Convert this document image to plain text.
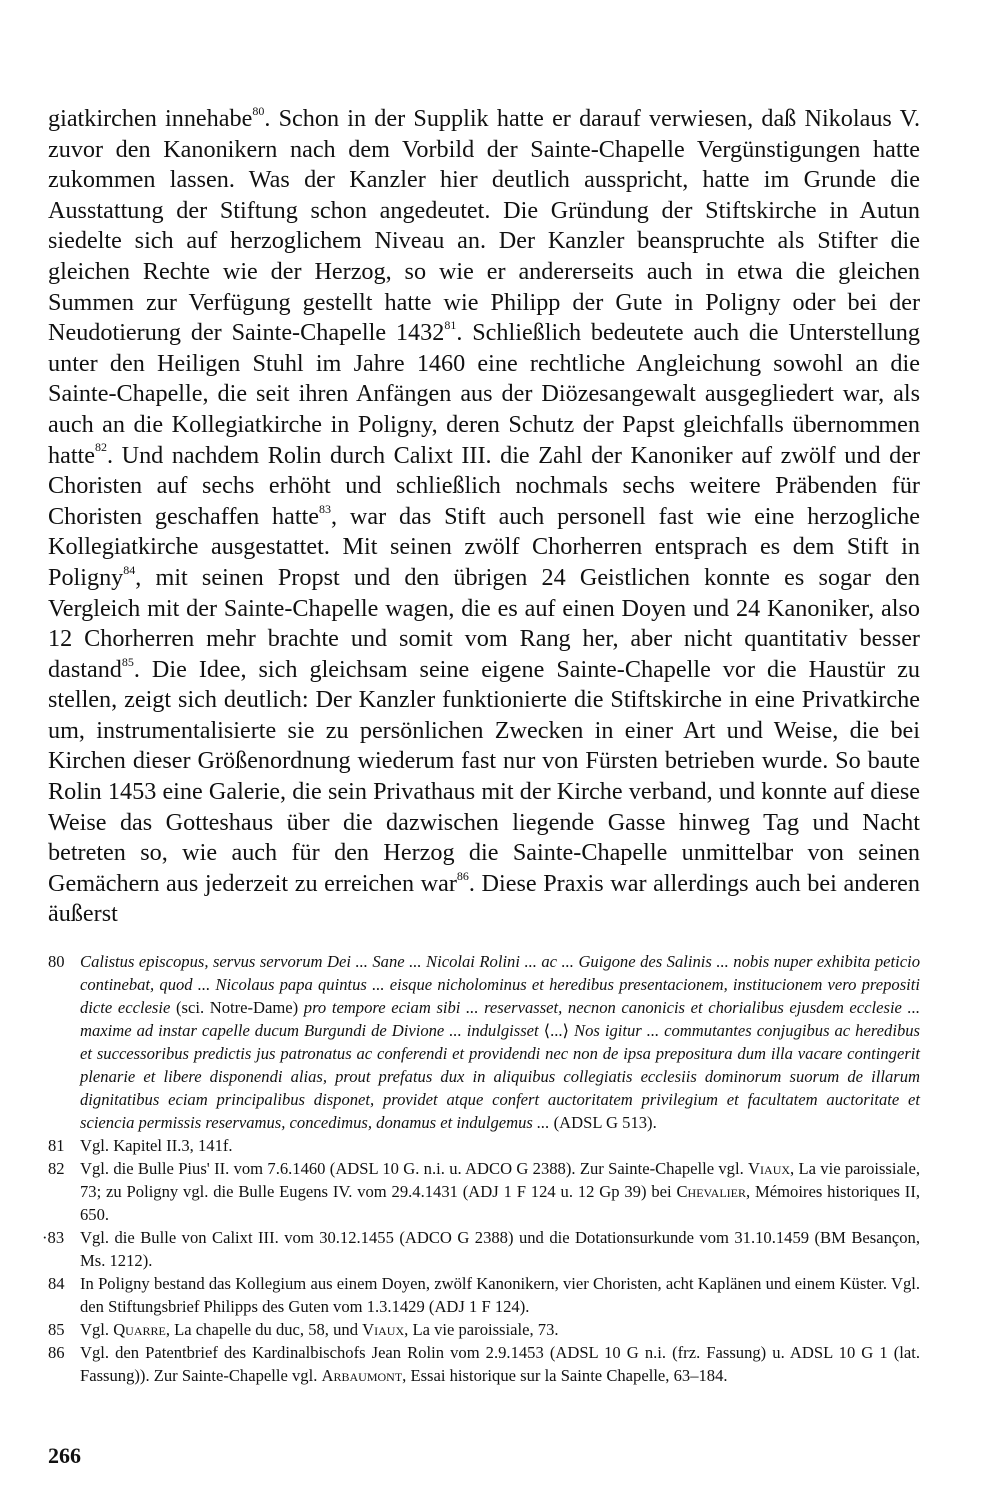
giatkirchen innehabe$^{80}$. Schon in der Supplik hatte er darauf verwiesen, daß Nikolaus V. zuvor den Kanonikern nach dem Vorbild der Sainte-Chapelle Vergünstigungen hatte zukommen lassen. Was der Kanzler hier deutlich ausspricht, hatte im Grunde die Ausstattung der Stiftung schon angedeutet. Die Gründung der Stiftskirche in Autun siedelte sich auf herzoglichem Niveau an. Der Kanzler beanspruchte als Stifter die gleichen Rechte wie der Herzog, so wie er andererseits auch in etwa die gleichen Summen zur Verfügung gestellt hatte wie Philipp der Gute in Poligny oder bei der Neudotierung der Sainte-Chapelle 1432$^{81}$. Schließlich bedeutete auch die Unterstellung unter den Heiligen Stuhl im Jahre 1460 eine rechtliche Angleichung sowohl an die Sainte-Chapelle, die seit ihren Anfängen aus der Diözesangewalt ausgegliedert war, als auch an die Kollegiatkirche in Poligny, deren Schutz der Papst gleichfalls übernommen hatte$^{82}$. Und nachdem Rolin durch Calixt III. die Zahl der Kanoniker auf zwölf und der Choristen auf sechs erhöht und schließlich nochmals sechs weitere Präbenden für Choristen geschaffen hatte$^{83}$, war das Stift auch personell fast wie eine herzogliche Kollegiatkirche ausgestattet. Mit seinen zwölf Chorherren entsprach es dem Stift in Poligny$^{84}$, mit seinen Propst und den übrigen 24 Geistlichen konnte es sogar den Vergleich mit der Sainte-Chapelle wagen, die es auf einen Doyen und 24 Kanoniker, also 12 Chorherren mehr brachte und somit vom Rang her, aber nicht quantitativ besser dastand$^{85}$. Die Idee, sich gleichsam seine eigene Sainte-Chapelle vor die Haustür zu stellen, zeigt sich deutlich: Der Kanzler funktionierte die Stiftskirche in eine Privatkirche um, instrumentalisierte sie zu persönlichen Zwecken in einer Art und Weise, die bei Kirchen dieser Größenordnung wiederum fast nur von Fürsten betrieben wurde. So baute Rolin 1453 eine Galerie, die sein Privathaus mit der Kirche verband, und konnte auf diese Weise das Gotteshaus über die dazwischen liegende Gasse hinweg Tag und Nacht betreten so, wie auch für den Herzog die Sainte-Chapelle unmittelbar von seinen Gemächern aus jederzeit zu erreichen war$^{86}$. Diese Praxis war allerdings auch bei anderen äußerst

80 Calistus episcopus, servus servorum Dei ... Sane ... Nicolai Rolini ... ac ... Guigone des Salinis ... nobis nuper exhibita peticio continebat, quod ... Nicolaus papa quintus ... eisque nicholominus et heredibus presentacionem, institucionem vero prepositi dicte ecclesie (sci. Notre-Dame) pro tempore eciam sibi ... reservasset, necnon canonicis et chorialibus ejusdem ecclesie ... maxime ad instar capelle ducum Burgundi de Divione ... indulgisset ⟨...⟩ Nos igitur ... commutantes conjugibus ac heredibus et successoribus predictis jus patronatus ac conferendi et providendi nec non de ipsa prepositura dum illa vacare contingerit plenarie et libere disponendi alias, prout prefatus dux in aliquibus collegiatis ecclesiis dominorum suorum de illarum dignitatibus eciam principalibus disponet, providet atque confert auctoritatem privilegium et facultatem auctoritate et sciencia permissis reservamus, concedimus, donamus et indulgemus ... (ADSL G 513).
81 Vgl. Kapitel II.3, 141f.
82 Vgl. die Bulle Pius' II. vom 7.6.1460 (ADSL 10 G. n.i. u. ADCO G 2388). Zur Sainte-Chapelle vgl. Viaux, La vie paroissiale, 73; zu Poligny vgl. die Bulle Eugens IV. vom 29.4.1431 (ADJ 1 F 124 u. 12 Gp 39) bei Chevalier, Mémoires historiques II, 650.
·83 Vgl. die Bulle von Calixt III. vom 30.12.1455 (ADCO G 2388) und die Dotationsurkunde vom 31.10.1459 (BM Besançon, Ms. 1212).
84 In Poligny bestand das Kollegium aus einem Doyen, zwölf Kanonikern, vier Choristen, acht Kaplänen und einem Küster. Vgl. den Stiftungsbrief Philipps des Guten vom 1.3.1429 (ADJ 1 F 124).
85 Vgl. Quarre, La chapelle du duc, 58, und Viaux, La vie paroissiale, 73.
86 Vgl. den Patentbrief des Kardinalbischofs Jean Rolin vom 2.9.1453 (ADSL 10 G n.i. (frz. Fassung) u. ADSL 10 G 1 (lat. Fassung)). Zur Sainte-Chapelle vgl. Arbaumont, Essai historique sur la Sainte Chapelle, 63–184.
266
